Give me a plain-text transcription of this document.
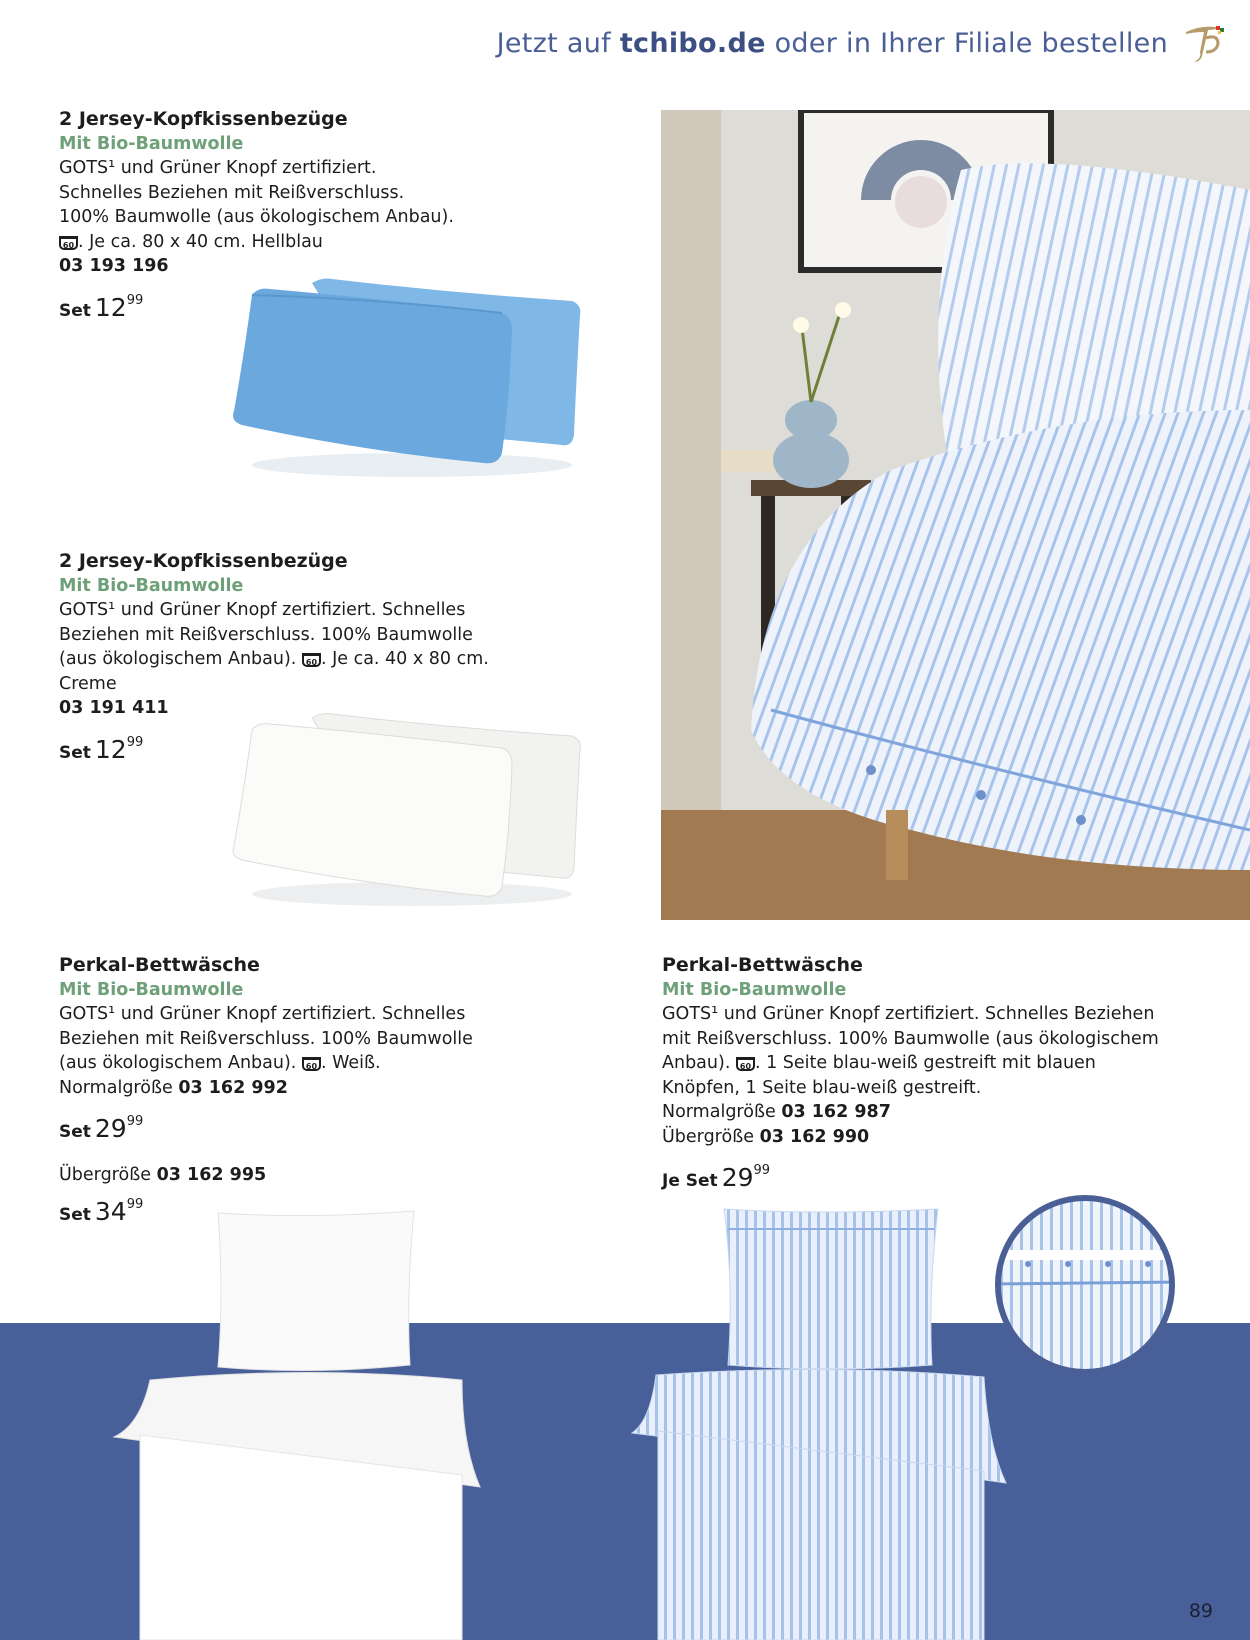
Jetzt auf tchibo.de oder in Ihrer Filiale bestellen
2 Jersey-Kopfkissenbezüge
Mit Bio-Baumwolle
GOTS¹ und Grüner Knopf zertifiziert.
Schnelles Beziehen mit Reißverschluss.
100% Baumwolle (aus ökologischem Anbau).
60 . Je ca. 80 x 40 cm. Hellblau
03 193 196
Set $12^{99}$
2 Jersey-Kopfkissenbezüge
Mit Bio-Baumwolle
GOTS¹ und Grüner Knopf zertifiziert. Schnelles
Beziehen mit Reißverschluss. 100% Baumwolle
(aus ökologischem Anbau). 60 . Je ca. 40 x 80 cm.
Creme
03 191 411
Set $12^{99}$
Perkal-Bettwäsche
Mit Bio-Baumwolle
GOTS¹ und Grüner Knopf zertifiziert. Schnelles
Beziehen mit Reißverschluss. 100% Baumwolle
(aus ökologischem Anbau). 60 . Weiß.
Normalgröße 03 162 992
Set $29^{99}$
Übergröße 03 162 995
Set $34^{99}$
Perkal-Bettwäsche
Mit Bio-Baumwolle
GOTS¹ und Grüner Knopf zertifiziert. Schnelles Beziehen
mit Reißverschluss. 100% Baumwolle (aus ökologischem
Anbau). 60 . 1 Seite blau-weiß gestreift mit blauen
Knöpfen, 1 Seite blau-weiß gestreift.
Normalgröße 03 162 987
Übergröße 03 162 990
Je Set $29^{99}$
89
